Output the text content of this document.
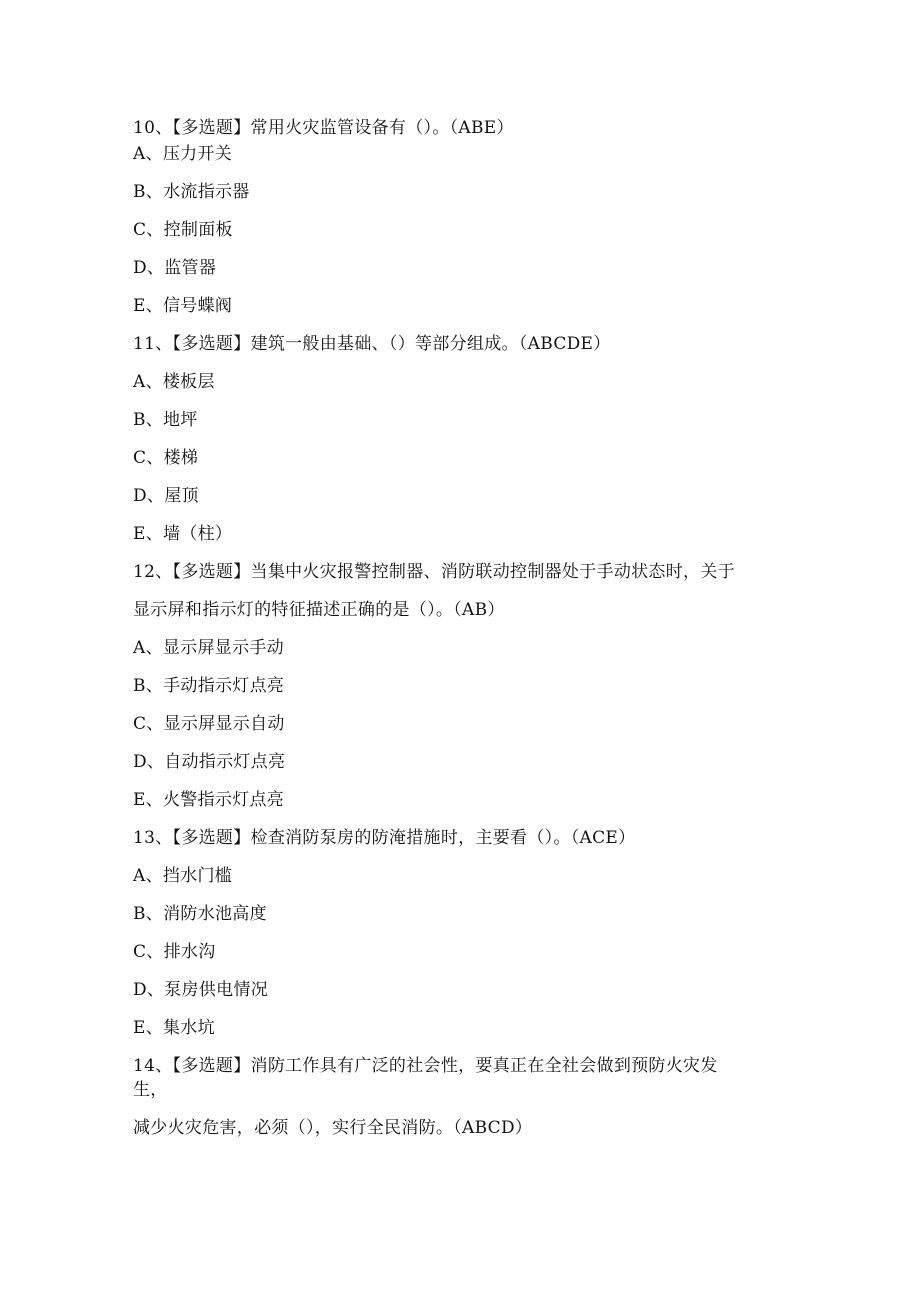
10、【多选题】常用火灾监管设备有（）。（ABE）
A、压力开关
B、水流指示器
C、控制面板
D、监管器
E、信号蝶阀
11、【多选题】建筑一般由基础、（）等部分组成。（ABCDE）
A、楼板层
B、地坪
C、楼梯
D、屋顶
E、墙（柱）
12、【多选题】当集中火灾报警控制器、消防联动控制器处于手动状态时，关于
显示屏和指示灯的特征描述正确的是（）。（AB）
A、显示屏显示手动
B、手动指示灯点亮
C、显示屏显示自动
D、自动指示灯点亮
E、火警指示灯点亮
13、【多选题】检查消防泵房的防淹措施时，主要看（）。（ACE）
A、挡水门槛
B、消防水池高度
C、排水沟
D、泵房供电情况
E、集水坑
14、【多选题】消防工作具有广泛的社会性，要真正在全社会做到预防火灾发
生，
减少火灾危害，必须（），实行全民消防。（ABCD）
